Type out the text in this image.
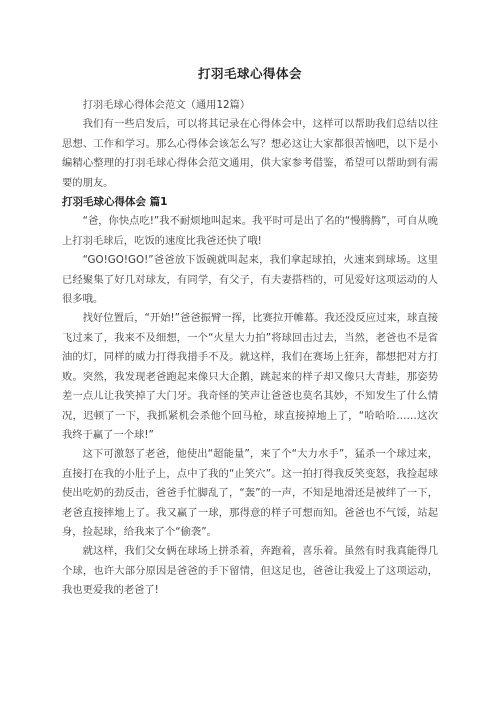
打羽毛球心得体会

打羽毛球心得体会范文（通用12篇）

我们有一些启发后，可以将其记录在心得体会中，这样可以帮助我们总结以往思想、工作和学习。那么心得体会该怎么写？想必这让大家都很苦恼吧，以下是小编精心整理的打羽毛球心得体会范文通用，供大家参考借鉴，希望可以帮助到有需要的朋友。

打羽毛球心得体会 篇1

“爸，你快点吃!”我不耐烦地叫起来。我平时可是出了名的“慢腾腾”，可自从晚上打羽毛球后，吃饭的速度比我爸还快了哦!

“GO!GO!GO!”爸爸放下饭碗就叫起来，我们拿起球拍，火速来到球场。这里已经聚集了好几对球友，有同学，有父子，有夫妻搭档的，可见爱好这项运动的人很多哦。

找好位置后，“开始!”爸爸振臂一挥，比赛拉开帷幕。我还没反应过来，球直接飞过来了，我来不及细想，一个“火星大力拍”将球回击过去，当然，老爸也不是省油的灯，同样的威力打得我措手不及。就这样，我们在赛场上狂奔，都想把对方打败。突然，我发现老爸跑起来像只大企鹅，跳起来的样子却又像只大青蛙，那姿势差一点儿让我笑掉了大门牙。我奇怪的笑声让爸爸也莫名其妙，不知发生了什么情况，迟顿了一下，我抓紧机会杀他个回马枪，球直接掉地上了，“哈哈哈……这次我终于赢了一个球!”

这下可激怒了老爸，他使出“超能量”，来了个“大力水手”，猛杀一个球过来，直接打在我的小肚子上，点中了我的“止笑穴”。这一拍打得我反笑变怒，我捡起球使出吃奶的劲反击，爸爸手忙脚乱了，“轰”的一声，不知是地滑还是被绊了一下，老爸直接摔地上了。我又赢了一球，那得意的样子可想而知。爸爸也不气馁，站起身，捡起球，给我来了个“偷袭”。

就这样，我们父女俩在球场上拼杀着，奔跑着，喜乐着。虽然有时我真能得几个球，也许大部分原因是爸爸的手下留情，但这足也，爸爸让我爱上了这项运动，我也更爱我的老爸了!
